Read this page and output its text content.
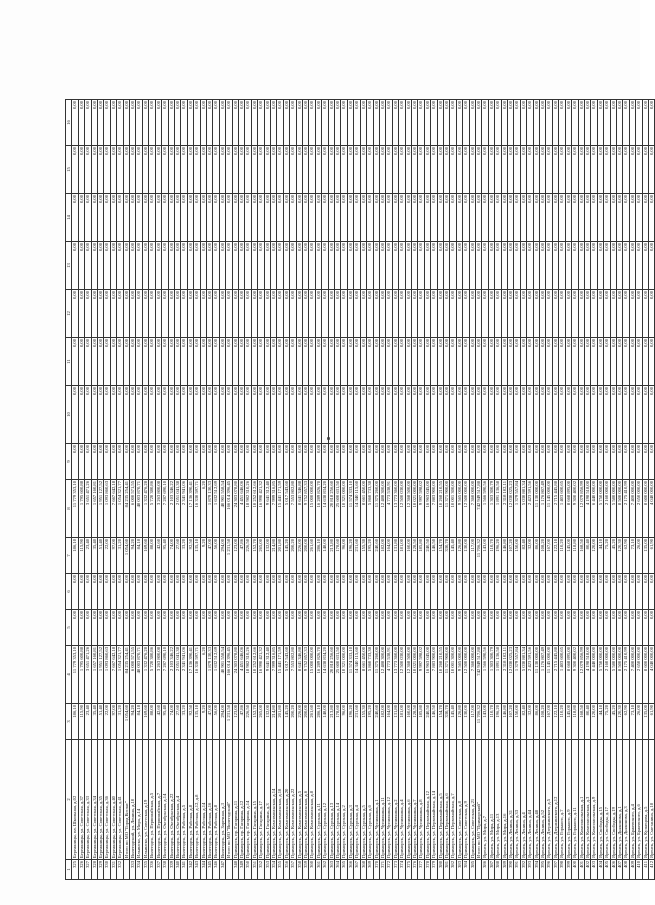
1	2	3	4	5	6	7	8	9	10	11	12	13	14	15	16
325	Бережницы, пл. Школьная, д.02	186,10	11 779 353,10	0,00	0,00	186,10	11 779 353,10	0,00	0,00	0,00	0,00	0,00	0,00	0,00	0,00
326	Бережницы, ул. Советская, д.37	115,90	1 795 600,88	0,00	0,00	115,90	1 795 600,88	0,00	0,00	0,00	0,00	0,00	0,00	0,00	0,00
327	Бережницы, ул. Советская, д.33	23,40	3 651 471,26	0,00	0,00	23,40	3 651 471,26	0,00	0,00	0,00	0,00	0,00	0,00	0,00	0,00
328	Бережницы, ул. Советская, д.34	35,40	1 657 160,81	0,00	0,00	35,40	1 657 160,81	0,00	0,00	0,00	0,00	0,00	0,00	0,00	0,00
329	Бережницы, ул. Советская, д.35	51,40	1 951 127,52	0,00	0,00	51,40	1 951 127,52	0,00	0,00	0,00	0,00	0,00	0,00	0,00	0,00
330	Бережницы, ул. Советская, д.36	22,00	1 093 860,63	0,00	0,00	22,00	1 093 860,63	0,00	0,00	0,00	0,00	0,00	0,00	0,00	0,00
331	Бережницы, ул. Советская, д.40	97,00	7 667 642,18	0,00	0,00	97,00	7 667 642,18	0,00	0,00	0,00	0,00	0,00	0,00	0,00	0,00
332	Бережницы, ул. Советская, д.41	31,20	1 054 321,77	0,00	0,00	31,20	1 054 321,77	0,00	0,00	0,00	0,00	0,00	0,00	0,00	0,00
	Итого по МО "Город Котлас"	1 054,60	84 235 254,41	0,00	0,00	1 054,60	84 235 254,41	0,00	0,00	0,00	0,00	0,00	0,00	0,00	0,00
333	Вилегодский, ул. Ленина, д.10	94,20	6 000 571,55	0,00	0,00	94,20	6 000 571,55	0,00	0,00	0,00	0,00	0,00	0,00	0,00	0,00
334	Ильинско, ул. Мира, д.14	84,18	48 003 870,71	0,00	0,00	84,18	48 003 870,71	0,00	0,00	0,00	0,00	0,00	0,00	0,00	0,00
335	Ильинско, ул. Советская, д.19	169,60	1 332 476,28	0,00	0,00	169,60	1 332 476,28	0,00	0,00	0,00	0,00	0,00	0,00	0,00	0,00
336	Вилегодск, ул. Первомайская, д.5	88,00	5 720 380,86	0,00	0,00	88,00	5 720 380,86	0,00	0,00	0,00	0,00	0,00	0,00	0,00	0,00
337	Вилегодск, ул. Первомайская, д.7	42,60	3 263 800,08	0,00	0,00	42,60	3 263 800,08	0,00	0,00	0,00	0,00	0,00	0,00	0,00	0,00
338	Вилегодск, ул. Октябрьская, д.14	95,40	7 287 690,10	0,00	0,00	95,40	7 287 690,10	0,00	0,00	0,00	0,00	0,00	0,00	0,00	0,00
339	Вилегодск, ул. Октябрьская, д.22	74,00	2 103 346,22	0,00	0,00	74,00	2 103 346,22	0,00	0,00	0,00	0,00	0,00	0,00	0,00	0,00
340	Вилегодск, ул. Октябрьская, д.4	27,60	2 051 041,38	0,00	0,00	27,60	2 051 041,38	0,00	0,00	0,00	0,00	0,00	0,00	0,00	0,00
341	Вилегодск, ул. Рабочая, д.5	33,20	2 341 941,06	0,00	0,00	33,20	2 341 941,06	0,00	0,00	0,00	0,00	0,00	0,00	0,00	0,00
342	Вилегодск, ул. Рабочая, д.8	92,50	17 136 390,41	0,00	0,00	92,50	17 136 390,41	0,00	0,00	0,00	0,00	0,00	0,00	0,00	0,00
343	Вилегодск, ул. Рабочая, д.12, д.8	135,10	16 330 597,71	0,00	0,00	135,10	16 330 597,71	0,00	0,00	0,00	0,00	0,00	0,00	0,00	0,00
344	Вилегодск, ул. Рабочая, д.14	9,20	6,20	0,00	0,00	9,20	6,20	0,00	0,00	0,00	0,00	0,00	0,00	0,00	0,00
345	Вилегодск, ул. Рабочая, д.16	47,00	1 879 130,33	0,00	0,00	47,00	1 879 130,33	0,00	0,00	0,00	0,00	0,00	0,00	0,00	0,00
346	Вилегодск, ул. Рабочая, д.8	56,00	1 632 512,69	0,00	0,00	56,00	1 632 512,69	0,00	0,00	0,00	0,00	0,00	0,00	0,00	0,00
347	Вилегодск, ул. Заречная, д.3	294,00	40 901 558,54	0,00	0,00	294,00	40 901 558,54	0,00	0,00	0,00	0,00	0,00	0,00	0,00	0,00
	Итого по МО "Вилегодский"	1 231,58	166 014 396,45	0,00	0,00	1 231,58	166 014 396,45	0,00	0,00	0,00	0,00	0,00	0,00	0,00	0,00
348	Приморск, пр. Гагарина, д.11	123,00	24 303 078,80	0,00	0,00	123,00	24 303 078,80	0,00	0,00	0,00	0,00	0,00	0,00	0,00	0,00
349	Приморск, пр. Гагарина, д.12	47,86	4 451 646,06	0,00	0,00	47,86	4 451 646,06	0,00	0,00	0,00	0,00	0,00	0,00	0,00	0,00
350	Приморск, пр. Гагарина, д.14	226,50	18 982 310,26	0,00	0,00	226,50	18 982 310,26	0,00	0,00	0,00	0,00	0,00	0,00	0,00	0,00
351	Приморск, ул. Гагарина, д.15	152,70	10 252 612,66	0,00	0,00	152,70	10 252 612,66	0,00	0,00	0,00	0,00	0,00	0,00	0,00	0,00
352	Приморск, ул. Гагарина, д.17	265,00	16 990 421,32	0,00	0,00	265,00	16 990 421,32	0,00	0,00	0,00	0,00	0,00	0,00	0,00	0,00
353	Приморск, ул. Гагарина, д.3	132,00	9 641 312,40	0,00	0,00	132,00	9 641 312,40	0,00	0,00	0,00	0,00	0,00	0,00	0,00	0,00
354	Приморск, ул. Комсомольская, д.14	214,80	7 999 316,85	0,00	0,00	214,80	7 999 316,85	0,00	0,00	0,00	0,00	0,00	0,00	0,00	0,00
355	Приморск, ул. Комсомольская, д.18	201,80	15 441 171,59	0,00	0,00	201,80	15 441 171,59	0,00	0,00	0,00	0,00	0,00	0,00	0,00	0,00
356	Приморск, ул. Комсомольская, д.20	145,20	5 017 543,60	0,00	0,00	145,20	5 017 543,60	0,00	0,00	0,00	0,00	0,00	0,00	0,00	0,00
357	Приморск, ул. Комсомольская, д.22	200,20	7 553 802,80	0,00	0,00	200,20	7 553 802,80	0,00	0,00	0,00	0,00	0,00	0,00	0,00	0,00
358	Приморск, ул. Комсомольская, д.5	226,00	8 641 346,88	0,00	0,00	226,00	8 641 346,88	0,00	0,00	0,00	0,00	0,00	0,00	0,00	0,00
359	Приморск, ул. Комсомольская, д.6	200,00	9 752 857,33	0,00	0,00	200,00	9 752 857,33	0,00	0,00	0,00	0,00	0,00	0,00	0,00	0,00
360	Приморск, ул. Комсомольская, д.8	261,60	15 000 000,00	0,00	0,00	261,60	15 000 000,00	0,00	0,00	0,00	0,00	0,00	0,00	0,00	0,00
361	Приморск, ул. Сурская, д.11	286,10	16 289 826,70	0,00	0,00	286,10	16 289 826,70	0,00	0,00	0,00	0,00	0,00	0,00	0,00	0,00
362	Приморск, ул. Сурская, д.12	148,00	14 638 834,20	0,00	0,00	148,00	14 638 834,20	0,00	0,00	0,00	0,00	0,00	0,00	0,00	0,00
363	Приморск, ул. Сурская, д.13	213,80	20 818 256,60	0,00	0,00	213,80	20 818 256,60	0,00	0,00	0,00	0,00	0,00	0,00	0,00	0,00
364	Приморск, ул. Сурская, д.14	178,60	25 600 631,50	0,00	0,00	178,60	25 600 631,50	0,00	0,00	0,00	0,00	0,00	0,00	0,00	0,00
365	Приморск, ул. Сурская, д.2	96,00	10 321 000,00	0,00	0,00	96,00	10 321 000,00	0,00	0,00	0,00	0,00	0,00	0,00	0,00	0,00
366	Приморск, ул. Сурская, д.3	196,20	11 574 333,10	0,00	0,00	196,20	11 574 333,10	0,00	0,00	0,00	0,00	0,00	0,00	0,00	0,00
367	Приморск, ул. Сурская, д.4	231,60	14 340 115,60	0,00	0,00	231,60	14 340 115,60	0,00	0,00	0,00	0,00	0,00	0,00	0,00	0,00
368	Приморск, ул. Сурская, д.5	155,30	8 661 450,00	0,00	0,00	155,30	8 661 450,00	0,00	0,00	0,00	0,00	0,00	0,00	0,00	0,00
369	Приморск, ул. Сурская, д.6	195,20	5 860 733,38	0,00	0,00	195,20	5 860 733,38	0,00	0,00	0,00	0,00	0,00	0,00	0,00	0,00
370	Приморск, ул. Чупилкина, д.1	240,60	11 375 260,00	0,00	0,00	240,60	11 375 260,00	0,00	0,00	0,00	0,00	0,00	0,00	0,00	0,00
371	Приморск, ул. Чупилкина, д.11	182,00	12 488 300,00	0,00	0,00	182,00	12 488 300,00	0,00	0,00	0,00	0,00	0,00	0,00	0,00	0,00
372	Приморск, ул. Чупилкина, д.12	164,00	4 773 538,91	0,00	0,00	164,00	4 773 538,91	0,00	0,00	0,00	0,00	0,00	0,00	0,00	0,00
373	Приморск, ул. Чупилкина, д.2	131,80	13 773 360,00	0,00	0,00	131,80	13 773 360,00	0,00	0,00	0,00	0,00	0,00	0,00	0,00	0,00
374	Приморск, ул. Чупилкина, д.4	181,00	12 500 030,00	0,00	0,00	181,00	12 500 030,00	0,00	0,00	0,00	0,00	0,00	0,00	0,00	0,00
375	Приморск, ул. Чупилкина, д.6	160,00	12 368 500,00	0,00	0,00	160,00	12 368 500,00	0,00	0,00	0,00	0,00	0,00	0,00	0,00	0,00
376	Приморск, ул. Чупилкина, д.7	128,50	10 021 000,00	0,00	0,00	128,50	10 021 000,00	0,00	0,00	0,00	0,00	0,00	0,00	0,00	0,00
377	Приморск, ул. Чупилкина, д.8	185,80	9 997 598,02	0,00	0,00	185,80	9 997 598,02	0,00	0,00	0,00	0,00	0,00	0,00	0,00	0,00
378	Приморск, ул. Первомайская, д.12	240,50	16 963 045,00	0,00	0,00	240,50	16 963 045,00	0,00	0,00	0,00	0,00	0,00	0,00	0,00	0,00
379	Приморск, ул. Первомайская, д.14	146,50	7 883 900,00	0,00	0,00	146,50	7 883 900,00	0,00	0,00	0,00	0,00	0,00	0,00	0,00	0,00
380	Приморск, ул. Первомайская, д.5	154,70	10 268 210,55	0,00	0,00	154,70	10 268 210,55	0,00	0,00	0,00	0,00	0,00	0,00	0,00	0,00
381	Приморск, ул. Первомайская, д.6	330,70	11 371 900,00	0,00	0,00	330,70	11 371 900,00	0,00	0,00	0,00	0,00	0,00	0,00	0,00	0,00
382	Приморск, ул. Первомайская, д.7	145,40	10 001 300,00	0,00	0,00	145,40	10 001 300,00	0,00	0,00	0,00	0,00	0,00	0,00	0,00	0,00
383	Приморск, ул. Советская, д.8	126,80	9 565 000,00	0,00	0,00	126,80	9 565 000,00	0,00	0,00	0,00	0,00	0,00	0,00	0,00	0,00
384	Приморск, ул. Советская, д.9	130,00	12 500 000,00	0,00	0,00	130,00	12 500 000,00	0,00	0,00	0,00	0,00	0,00	0,00	0,00	0,00
385	Приморск, ул. Советская, д.21	117,00	7 360 000,00	0,00	0,00	117,00	7 360 000,00	0,00	0,00	0,00	0,00	0,00	0,00	0,00	0,00
	Итого по МО "Приморский"	11 706,32	742 949 517,88	0,00	0,00	11 706,32	742 949 517,88	0,00	0,00	0,00	0,00	0,00	0,00	0,00	0,00
386	Яренск, ул. Мира, д.7	143,00	1 566 590,56	0,00	0,00	143,00	1 566 590,56	0,00	0,00	0,00	0,00	0,00	0,00	0,00	0,00
387	Яренск, ул. Мира, д.11	110,70	1 303 300,79	0,00	0,00	110,70	1 303 300,79	0,00	0,00	0,00	0,00	0,00	0,00	0,00	0,00
388	Яренск, ул. Мира, д.13	196,20	1 891 136,58	0,00	0,00	196,20	1 891 136,58	0,00	0,00	0,00	0,00	0,00	0,00	0,00	0,00
389	Яренск, ул. Мира, д.16	146,80	2 318 102,11	0,00	0,00	146,80	2 318 102,11	0,00	0,00	0,00	0,00	0,00	0,00	0,00	0,00
390	Яренск, ул. Ленина, д.31	107,20	12 030 025,23	0,00	0,00	107,20	12 030 025,23	0,00	0,00	0,00	0,00	0,00	0,00	0,00	0,00
391	Яренск, ул. Ленина, д.33	150,00	1 379 557,84	0,00	0,00	150,00	1 379 557,84	0,00	0,00	0,00	0,00	0,00	0,00	0,00	0,00
392	Яренск, ул. Ленина, д.4	82,40	5 030 881,34	0,00	0,00	82,40	5 030 881,34	0,00	0,00	0,00	0,00	0,00	0,00	0,00	0,00
393	Яренск, ул. Ленина, д.44	32,00	2 423 591,56	0,00	0,00	32,00	2 423 591,56	0,00	0,00	0,00	0,00	0,00	0,00	0,00	0,00
394	Яренск, ул. Ленина, д.48	86,00	11 130 000,00	0,00	0,00	86,00	11 130 000,00	0,00	0,00	0,00	0,00	0,00	0,00	0,00	0,00
395	Яренск, ул. Ленина, д.52	108,20	1 176 807,49	0,00	0,00	108,20	1 176 807,49	0,00	0,00	0,00	0,00	0,00	0,00	0,00	0,00
396	Яренск, ул. Дзержинского, д.5	167,00	11 145 000,00	0,00	0,00	167,00	11 145 000,00	0,00	0,00	0,00	0,00	0,00	0,00	0,00	0,00
397	Яренск, ул. Дзержинского, д.12	122,10	2 715 445,88	0,00	0,00	122,10	2 715 445,88	0,00	0,00	0,00	0,00	0,00	0,00	0,00	0,00
398	Яренск, ул. Горького, д.7	110,20	1 403 600,65	0,00	0,00	110,20	1 403 600,65	0,00	0,00	0,00	0,00	0,00	0,00	0,00	0,00
399	Яренск, ул. Горького, д.9	145,00	8 668 895,00	0,00	0,00	145,00	8 668 895,00	0,00	0,00	0,00	0,00	0,00	0,00	0,00	0,00
400	Яренск, ул. Горького, д.11	118,80	9 300 400,02	0,00	0,00	118,80	9 300 400,02	0,00	0,00	0,00	0,00	0,00	0,00	0,00	0,00
401	Яренск, ул. Комсомольская, д.1	168,50	12 079 856,99	0,00	0,00	168,50	12 079 856,99	0,00	0,00	0,00	0,00	0,00	0,00	0,00	0,00
402	Яренск, ул. Комсомольская, д.3	80,40	4 198 518,00	0,00	0,00	80,40	4 198 518,00	0,00	0,00	0,00	0,00	0,00	0,00	0,00	0,00
403	Яренск, ул. Комсомольская, д.9	120,00	6 440 000,00	0,00	0,00	120,00	6 440 000,00	0,00	0,00	0,00	0,00	0,00	0,00	0,00	0,00
404	Яренск, ул. Свободы, д.15	44,10	5 750 000,00	0,00	0,00	44,10	5 750 000,00	0,00	0,00	0,00	0,00	0,00	0,00	0,00	0,00
405	Яренск, ул. Свободы, д.17	75,20	2 160 000,00	0,00	0,00	75,20	2 160 000,00	0,00	0,00	0,00	0,00	0,00	0,00	0,00	0,00
406	Яренск, ул. Свободы, д.19	45,20	5 580 000,00	0,00	0,00	45,20	5 580 000,00	0,00	0,00	0,00	0,00	0,00	0,00	0,00	0,00
407	Яренск, ул. Дьяконова, д.1	120,30	8 500 000,00	0,00	0,00	120,30	8 500 000,00	0,00	0,00	0,00	0,00	0,00	0,00	0,00	0,00
408	Яренск, ул. Дьяконова, д.3	62,90	2 175 410,99	0,00	0,00	62,90	2 175 410,99	0,00	0,00	0,00	0,00	0,00	0,00	0,00	0,00
409	Яренск, ул. Бржевского, д.4	73,10	7 400 000,00	0,00	0,00	73,10	7 400 000,00	0,00	0,00	0,00	0,00	0,00	0,00	0,00	0,00
410	Яренск, ул. Бржевского, д.6	26,00	2 650 000,00	0,00	0,00	26,00	2 650 000,00	0,00	0,00	0,00	0,00	0,00	0,00	0,00	0,00
411	Яренск, ул. Кузнецова, д.5	135,00	8 600 000,00	0,00	0,00	135,00	8 600 000,00	0,00	0,00	0,00	0,00	0,00	0,00	0,00	0,00
412	Яренск, ул. Сметанина, д.18	61,90	4 040 000,00	0,00	0,00	61,90	4 040 000,00	0,00	0,00	0,00	0,00	0,00	0,00	0,00	0,00
